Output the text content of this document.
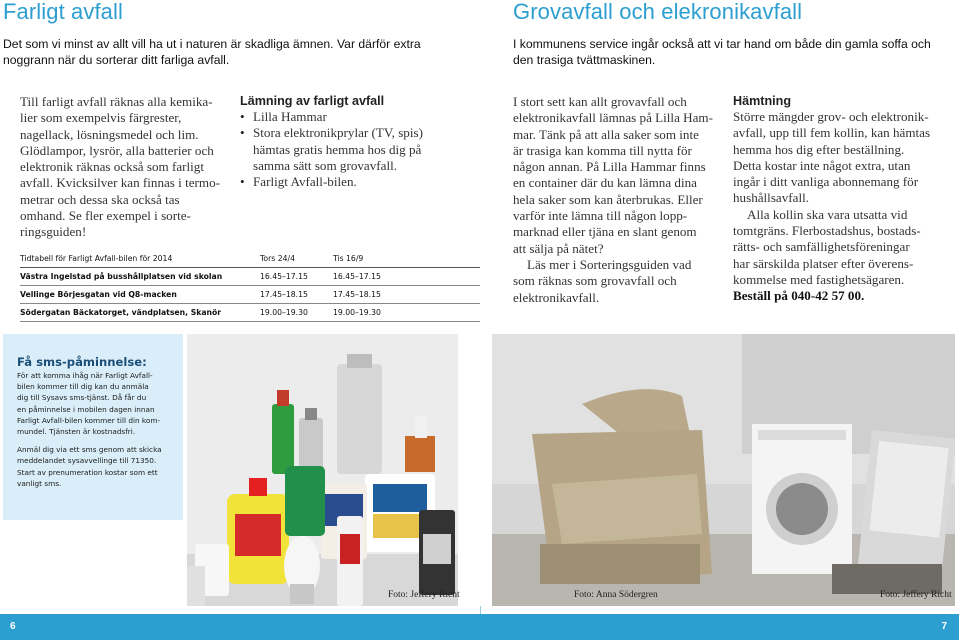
Farligt avfall
Det som vi minst av allt vill ha ut i naturen är skadliga ämnen. Var därför extra noggrann när du sorterar ditt farliga avfall.
Till farligt avfall räknas alla kemika-
lier som exempelvis färgrester,
nagellack, lösningsmedel och lim.
Glödlampor, lysrör, alla batterier och
elektronik räknas också som farligt
avfall. Kvicksilver kan finnas i termo-
metrar och dessa ska också tas
omhand. Se fler exempel i sorte-
ringsguiden!
Lämning av farligt avfall
• Lilla Hammar
• Stora elektronikprylar (TV, spis) hämtas gratis hemma hos dig på samma sätt som grovavfall.
• Farligt Avfall-bilen.
Tidtabell för Farligt Avfall-bilen för 2014	Tors 24/4	Tis 16/9
Västra Ingelstad på busshållplatsen vid skolan	16.45–17.15	16.45–17.15
Vellinge Börjesgatan vid Q8-macken	17.45–18.15	17.45–18.15
Södergatan Bäckatorget, vändplatsen, Skanör	19.00–19.30	19.00–19.30
Få sms-påminnelse:

För att komma ihåg när Farligt Avfall-
bilen kommer till dig kan du anmäla
dig till Sysavs sms-tjänst. Då får du
en påminnelse i mobilen dagen innan
Farligt Avfall-bilen kommer till din kom-
mundel. Tjänsten är kostnadsfri.

Anmäl dig via ett sms genom att skicka
meddelandet sysavvellinge till 71350.
Start av prenumeration kostar som ett
vanligt sms.

Foto: Jeffery Richt
6	7
Grovavfall och elekronikavfall
I kommunens service ingår också att vi tar hand om både din gamla soffa och den trasiga tvättmaskinen.
I stort sett kan allt grovavfall och
elektronikavfall lämnas på Lilla Ham-
mar. Tänk på att alla saker som inte
är trasiga kan komma till nytta för
någon annan. På Lilla Hammar finns
en container där du kan lämna dina
hela saker som kan återbrukas. Eller
varför inte lämna till någon lopp-
marknad eller tjäna en slant genom
att sälja på nätet?
Läs mer i Sorteringsguiden vad
som räknas som grovavfall och
elektronikavfall.
Hämtning
Större mängder grov- och elektronik-
avfall, upp till fem kollin, kan hämtas
hemma hos dig efter beställning.
Detta kostar inte något extra, utan
ingår i ditt vanliga abonnemang för
hushållsavfall.
Alla kollin ska vara utsatta vid
tomtgräns. Flerbostadshus, bostads-
rätts- och samfällighetsföreningar
har särskilda platser efter överens-
kommelse med fastighetsägaren.
Beställ på 040-42 57 00.
Foto: Anna Södergren	Foto: Jeffery Richt
